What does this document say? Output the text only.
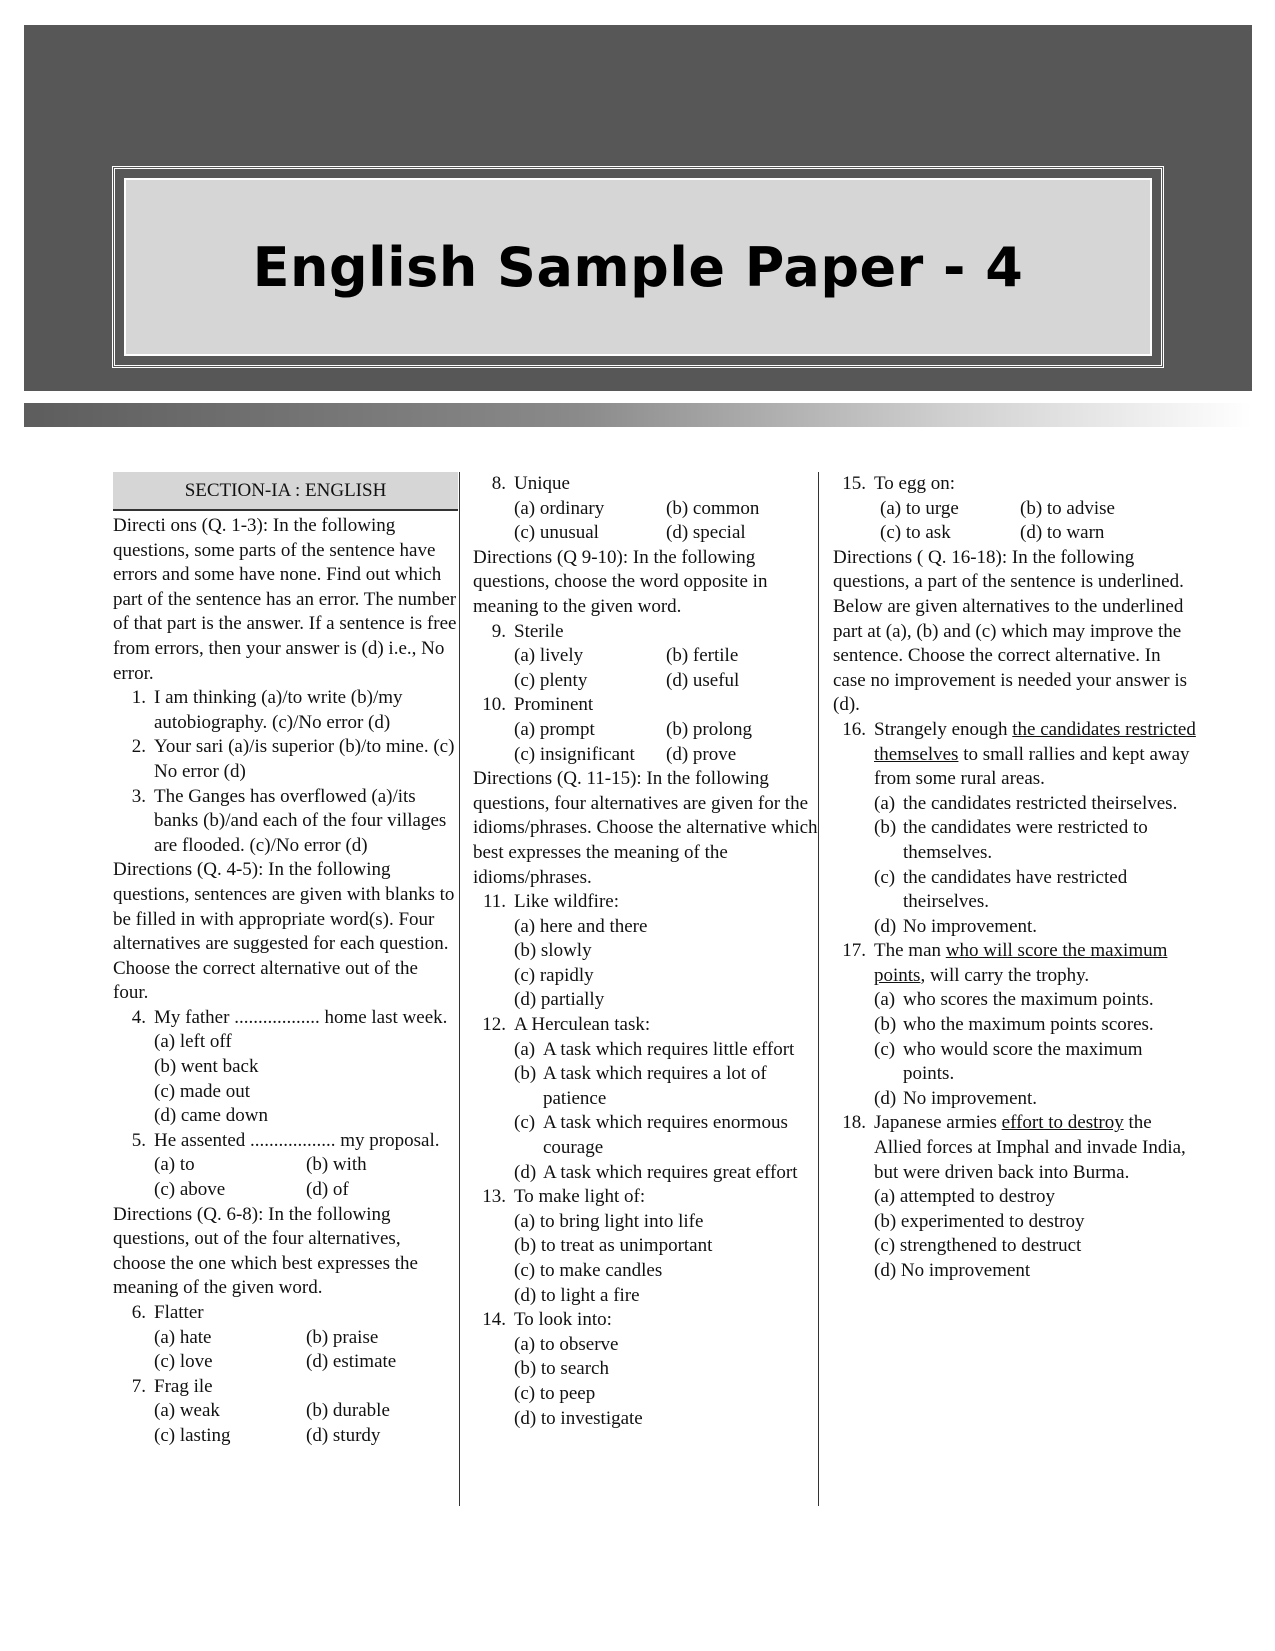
English Sample Paper - 4
SECTION-IA : ENGLISH
Directi ons (Q. 1-3): In the following questions, some parts of the sentence have errors and some have none. Find out which part of the sentence has an error. The number of that part is the answer. If a sentence is free from errors, then your answer is (d) i.e., No error.
1. I am thinking (a)/to write (b)/my autobiography. (c)/No error (d)
2. Your sari (a)/is superior (b)/to mine. (c) No error (d)
3. The Ganges has overflowed (a)/its banks (b)/and each of the four villages are flooded. (c)/No error (d)
Directions (Q. 4-5): In the following questions, sentences are given with blanks to be filled in with appropriate word(s). Four alternatives are suggested for each question. Choose the correct alternative out of the four.
4. My father .................. home last week.
(a) left off
(b) went back
(c) made out
(d) came down
5. He assented .................. my proposal.
(a) to	(b) with
(c) above	(d) of
Directions (Q. 6-8): In the following questions, out of the four alternatives, choose the one which best expresses the meaning of the given word.
6. Flatter
(a) hate	(b) praise
(c) love	(d) estimate
7. Frag ile
(a) weak	(b) durable
(c) lasting	(d) sturdy
8. Unique
(a) ordinary	(b) common
(c) unusual	(d) special
Directions (Q 9-10): In the following questions, choose the word opposite in meaning to the given word.
9. Sterile
(a) lively	(b) fertile
(c) plenty	(d) useful
10. Prominent
(a) prompt	(b) prolong
(c) insignificant	(d) prove
Directions (Q. 11-15): In the following questions, four alternatives are given for the idioms/phrases. Choose the alternative which best expresses the meaning of the idioms/phrases.
11. Like wildfire:
(a) here and there
(b) slowly
(c) rapidly
(d) partially
12. A Herculean task:
(a) A task which requires little effort
(b) A task which requires a lot of patience
(c) A task which requires enormous courage
(d) A task which requires great effort
13. To make light of:
(a) to bring light into life
(b) to treat as unimportant
(c) to make candles
(d) to light a fire
14. To look into:
(a) to observe
(b) to search
(c) to peep
(d) to investigate
15. To egg on:
(a) to urge	(b) to advise
(c) to ask	(d) to warn
Directions ( Q. 16-18): In the following questions, a part of the sentence is underlined. Below are given alternatives to the underlined part at (a), (b) and (c) which may improve the sentence. Choose the correct alternative. In case no improvement is needed your answer is (d).
16. Strangely enough the candidates restricted themselves to small rallies and kept away from some rural areas.
(a) the candidates restricted theirselves.
(b) the candidates were restricted to themselves.
(c) the candidates have restricted theirselves.
(d) No improvement.
17. The man who will score the maximum points, will carry the trophy.
(a) who scores the maximum points.
(b) who the maximum points scores.
(c) who would score the maximum points.
(d) No improvement.
18. Japanese armies effort to destroy the Allied forces at Imphal and invade India, but were driven back into Burma.
(a) attempted to destroy
(b) experimented to destroy
(c) strengthened to destruct
(d) No improvement
